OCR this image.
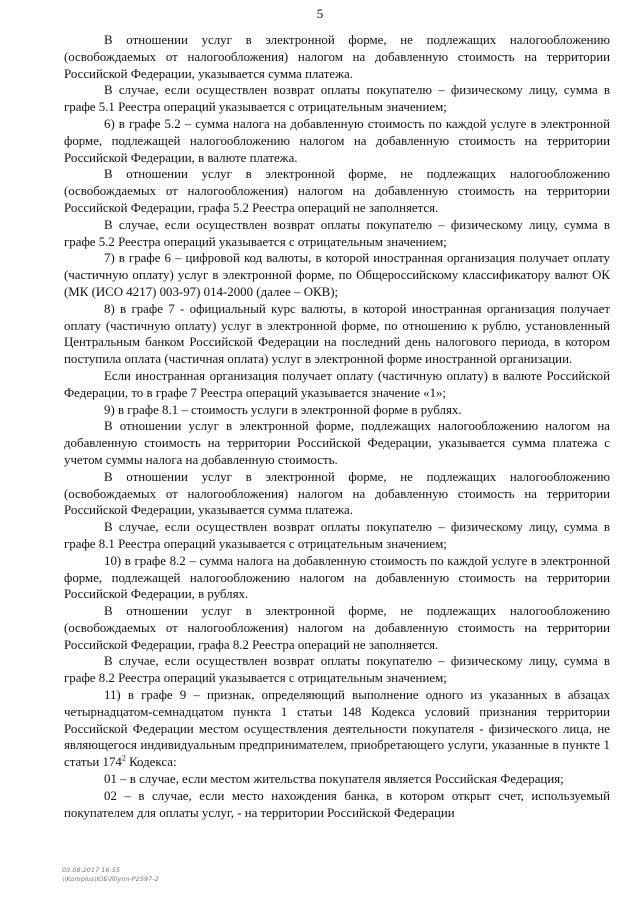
5

В отношении услуг в электронной форме, не подлежащих налогообложению (освобождаемых от налогообложения) налогом на добавленную стоимость на территории Российской Федерации, указывается сумма платежа.

В случае, если осуществлен возврат оплаты покупателю – физическому лицу, сумма в графе 5.1 Реестра операций указывается с отрицательным значением;

6) в графе 5.2 – сумма налога на добавленную стоимость по каждой услуге в электронной форме, подлежащей налогообложению налогом на добавленную стоимость на территории Российской Федерации, в валюте платежа.

В отношении услуг в электронной форме, не подлежащих налогообложению (освобождаемых от налогообложения) налогом на добавленную стоимость на территории Российской Федерации, графа 5.2 Реестра операций не заполняется.

В случае, если осуществлен возврат оплаты покупателю – физическому лицу, сумма в графе 5.2 Реестра операций указывается с отрицательным значением;

7) в графе 6 – цифровой код валюты, в которой иностранная организация получает оплату (частичную оплату) услуг в электронной форме, по Общероссийскому классификатору валют ОК (МК (ИСО 4217) 003-97) 014-2000 (далее – ОКВ);

8) в графе 7 - официальный курс валюты, в которой иностранная организация получает оплату (частичную оплату) услуг в электронной форме, по отношению к рублю, установленный Центральным банком Российской Федерации на последний день налогового периода, в котором поступила оплата (частичная оплата) услуг в электронной форме иностранной организации.

Если иностранная организация получает оплату (частичную оплату) в валюте Российской Федерации, то в графе 7 Реестра операций указывается значение «1»;

9) в графе 8.1 – стоимость услуги в электронной форме в рублях.

В отношении услуг в электронной форме, подлежащих налогообложению налогом на добавленную стоимость на территории Российской Федерации, указывается сумма платежа с учетом суммы налога на добавленную стоимость.

В отношении услуг в электронной форме, не подлежащих налогообложению (освобождаемых от налогообложения) налогом на добавленную стоимость на территории Российской Федерации, указывается сумма платежа.

В случае, если осуществлен возврат оплаты покупателю – физическому лицу, сумма в графе 8.1 Реестра операций указывается с отрицательным значением;

10) в графе 8.2 – сумма налога на добавленную стоимость по каждой услуге в электронной форме, подлежащей налогообложению налогом на добавленную стоимость на территории Российской Федерации, в рублях.

В отношении услуг в электронной форме, не подлежащих налогообложению (освобождаемых от налогообложения) налогом на добавленную стоимость на территории Российской Федерации, графа 8.2 Реестра операций не заполняется.

В случае, если осуществлен возврат оплаты покупателю – физическому лицу, сумма в графе 8.2 Реестра операций указывается с отрицательным значением;

11) в графе 9 – признак, определяющий выполнение одного из указанных в абзацах четырнадцатом-семнадцатом пункта 1 статьи 148 Кодекса условий признания территории Российской Федерации местом осуществления деятельности покупателя - физического лица, не являющегося индивидуальным предпринимателем, приобретающего услуги, указанные в пункте 1 статьи $174^2$ Кодекса:

01 – в случае, если местом жительства покупателя является Российская Федерация;

02 – в случае, если место нахождения банка, в котором открыт счет, используемый покупателем для оплаты услуг, - на территории Российской Федерации

03.08.2017 16:55
\\Komplus\ЮБ\Illiynn-P2597-2
